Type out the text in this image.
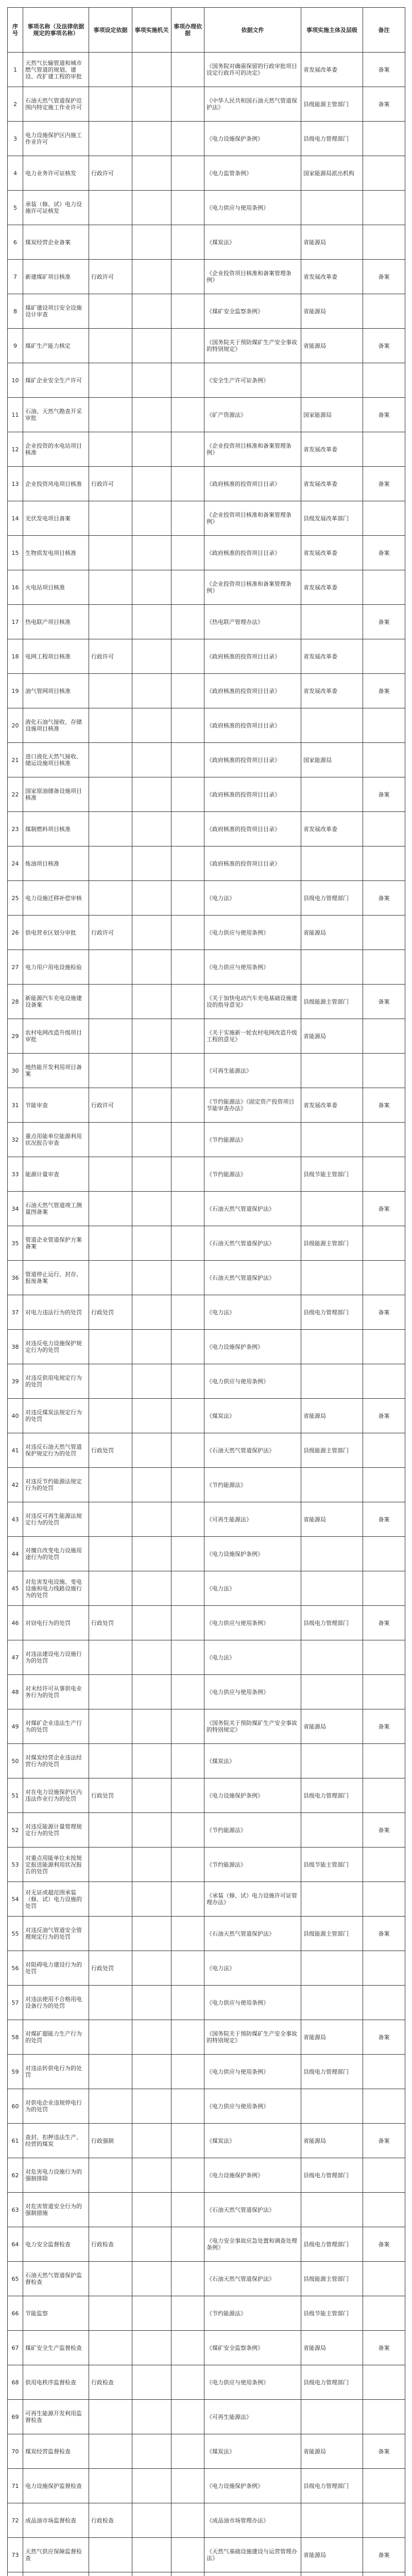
序号	事项名称（及法律依据规定的事项名称）	事项设定依据	事项实施机关	事项办理依据	依据文件	事项实施主体及层级	备注
1	天然气长输管道和城市燃气管道的规划、建设、改扩建工程的审批				《国务院对确需保留的行政审批项目设定行政许可的决定》	省发展改革委	备案
2	石油天然气管道保护范围内特定施工作业许可				《中华人民共和国石油天然气管道保护法》	县级能源主管部门	备案
3	电力设施保护区内施工作业许可				《电力设施保护条例》	县级电力管理部门	
4	电力业务许可证核发	行政许可			《电力监管条例》	国家能源局派出机构	
5	承装（修、试）电力设施许可证核发				《电力供应与使用条例》		
6	煤炭经营企业备案				《煤炭法》	省能源局	
7	新建煤矿项目核准	行政许可			《企业投资项目核准和备案管理条例》	省发展改革委	备案
8	煤矿建设项目安全设施设计审查				《煤矿安全监察条例》	省能源局	
9	煤矿生产能力核定				《国务院关于预防煤矿生产安全事故的特别规定》	省能源局	备案
10	煤矿企业安全生产许可				《安全生产许可证条例》		
11	石油、天然气勘查开采审批				《矿产资源法》	国家能源局	备案
12	企业投资的水电站项目核准				《企业投资项目核准和备案管理条例》	省发展改革委	
13	企业投资风电项目核准	行政许可			《政府核准的投资项目目录》	省发展改革委	备案
14	光伏发电项目备案				《企业投资项目核准和备案管理条例》	县级发展改革部门	
15	生物质发电项目核准				《政府核准的投资项目目录》	省发展改革委	备案
16	火电站项目核准				《企业投资项目核准和备案管理条例》	省发展改革委	
17	热电联产项目核准				《热电联产管理办法》		备案
18	电网工程项目核准	行政许可			《政府核准的投资项目目录》	省发展改革委	
19	油气管网项目核准				《政府核准的投资项目目录》	省发展改革委	备案
20	液化石油气接收、存储设施项目核准				《政府核准的投资项目目录》		
21	进口液化天然气接收、储运设施项目核准				《政府核准的投资项目目录》	国家能源局	
22	国家原油储备设施项目核准				《政府核准的投资项目目录》		备案
23	煤制燃料项目核准				《政府核准的投资项目目录》	省发展改革委	
24	炼油项目核准				《政府核准的投资项目目录》		
25	电力设施迁移补偿审核				《电力法》	县级电力管理部门	备案
26	供电营业区划分审批	行政许可			《电力供应与使用条例》	省能源局	
27	电力用户用电设施检验				《电力供应与使用条例》		
28	新能源汽车充电设施建设备案				《关于加快电动汽车充电基础设施建设的指导意见》	县级能源主管部门	备案
29	农村电网改造升级项目审批				《关于实施新一轮农村电网改造升级工程的意见》	省能源局	
30	地热能开发利用项目备案				《可再生能源法》		
31	节能审查	行政许可			《节约能源法》《固定资产投资项目节能审查办法》	省发展改革委	备案
32	重点用能单位能源利用状况报告审查				《节约能源法》		
33	能源计量审查				《节约能源法》	县级节能主管部门	
34	石油天然气管道竣工测量图备案				《石油天然气管道保护法》		备案
35	管道企业管道保护方案备案				《石油天然气管道保护法》	县级能源主管部门	
36	管道停止运行、封存、报废备案				《石油天然气管道保护法》		
37	对电力违法行为的处罚	行政处罚			《电力法》	县级电力管理部门	备案
38	对违反电力设施保护规定行为的处罚				《电力设施保护条例》		
39	对违反供用电规定行为的处罚				《电力供应与使用条例》		
40	对违反煤炭法规定行为的处罚				《煤炭法》	省能源局	备案
41	对违反石油天然气管道保护规定行为的处罚	行政处罚			《石油天然气管道保护法》	县级能源主管部门	
42	对违反节约能源法规定行为的处罚				《节约能源法》		
43	对违反可再生能源法规定行为的处罚				《可再生能源法》	省能源局	备案
44	对擅自改变电力设施用途行为的处罚				《电力设施保护条例》		
45	对危害发电设施、变电设施和电力线路设施行为的处罚				《电力法》		
46	对窃电行为的处罚	行政处罚			《电力供应与使用条例》	县级电力管理部门	备案
47	对违法建设电力设施行为的处罚				《电力法》		
48	对未经许可从事供电业务行为的处罚				《电力供应与使用条例》		
49	对煤矿企业违法生产行为的处罚				《国务院关于预防煤矿生产安全事故的特别规定》	省能源局	备案
50	对煤炭经营企业违法经营行为的处罚				《煤炭法》		
51	对在电力设施保护区内违法作业行为的处罚	行政处罚			《电力设施保护条例》	县级电力管理部门	
52	对违反能源计量管理规定行为的处罚				《节约能源法》		备案
53	对重点用能单位未按规定报送能源利用状况报告的处罚				《节约能源法》	县级节能主管部门	
54	对无证或超范围承装（修、试）电力设施的处罚				《承装（修、试）电力设施许可证管理办法》		
55	对违反油气管道安全管理规定行为的处罚				《石油天然气管道保护法》	县级能源主管部门	备案
56	对阻碍电力建设行为的处罚	行政处罚			《电力法》		
57	对违法使用不合格用电设备行为的处罚				《电力供应与使用条例》		
58	对煤矿超能力生产行为的处罚				《国务院关于预防煤矿生产安全事故的特别规定》	省能源局	备案
59	对违法转供电行为的处罚				《电力供应与使用条例》	县级电力管理部门	
60	对供电企业违规停电行为的处罚				《电力供应与使用条例》		
61	查封、扣押违法生产、经营的煤炭	行政强制			《煤炭法》	省能源局	备案
62	对危害电力设施行为的强制排除				《电力设施保护条例》	县级电力管理部门	
63	对危害管道安全行为的强制措施				《石油天然气管道保护法》		
64	电力安全监督检查	行政检查			《电力安全事故应急处置和调查处理条例》	县级电力管理部门	备案
65	石油天然气管道保护监督检查				《石油天然气管道保护法》	县级能源主管部门	
66	节能监察				《节约能源法》	县级节能主管部门	
67	煤矿安全生产监督检查				《煤矿安全监察条例》	省能源局	备案
68	供用电秩序监督检查	行政检查			《电力供应与使用条例》	县级电力管理部门	
69	可再生能源开发利用监督检查				《可再生能源法》		
70	煤炭经营监督检查				《煤炭法》	省能源局	备案
71	电力设施保护监督检查				《电力设施保护条例》	县级电力管理部门	
72	成品油市场监督检查	行政检查			《成品油市场管理办法》		
73	天然气供应保障监督检查				《天然气基础设施建设与运营管理办法》	省能源局	备案
